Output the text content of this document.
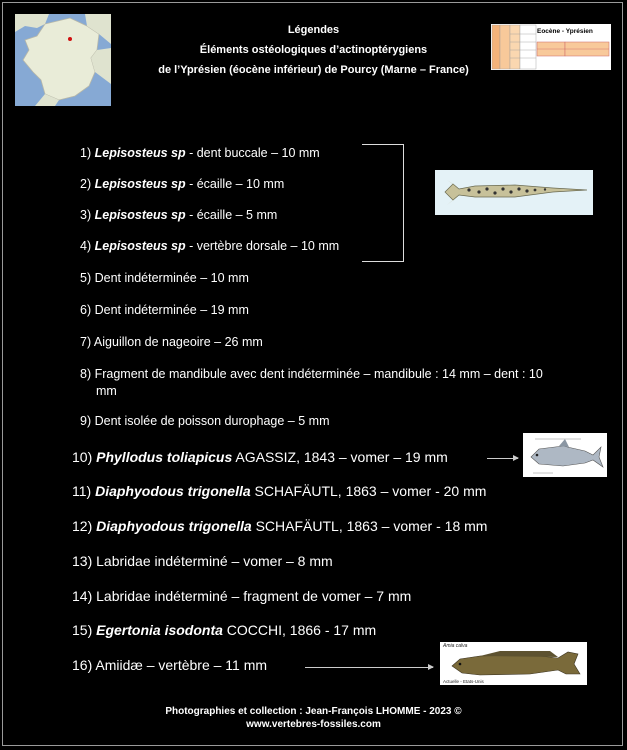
Légendes
Éléments ostéologiques d’actinoptérygiens
de l’Yprésien (éocène inférieur) de Pourcy (Marne – France)
Eocène - Yprésien
1) Lepisosteus sp - dent buccale – 10 mm
2) Lepisosteus sp - écaille – 10 mm
3) Lepisosteus sp - écaille – 5 mm
4) Lepisosteus sp - vertèbre dorsale – 10 mm
5) Dent indéterminée – 10 mm
6) Dent indéterminée – 19 mm
7) Aiguillon de nageoire – 26 mm
8) Fragment de mandibule avec dent indéterminée – mandibule : 14 mm – dent : 10 mm
9) Dent isolée de poisson durophage – 5 mm
10) Phyllodus toliapicus AGASSIZ, 1843 – vomer – 19 mm
11) Diaphyodous trigonella SCHAFÄUTL, 1863 – vomer - 20 mm
12) Diaphyodous trigonella SCHAFÄUTL, 1863 – vomer - 18 mm
13) Labridae indéterminé – vomer – 8 mm
14) Labridae indéterminé – fragment de vomer – 7 mm
15) Egertonia isodonta COCCHI, 1866 - 17 mm
16) Amiidæ – vertèbre – 11 mm
Amia calva
Actuelle - Etats-Unis
Photographies et collection : Jean-François LHOMME - 2023 ©
www.vertebres-fossiles.com
